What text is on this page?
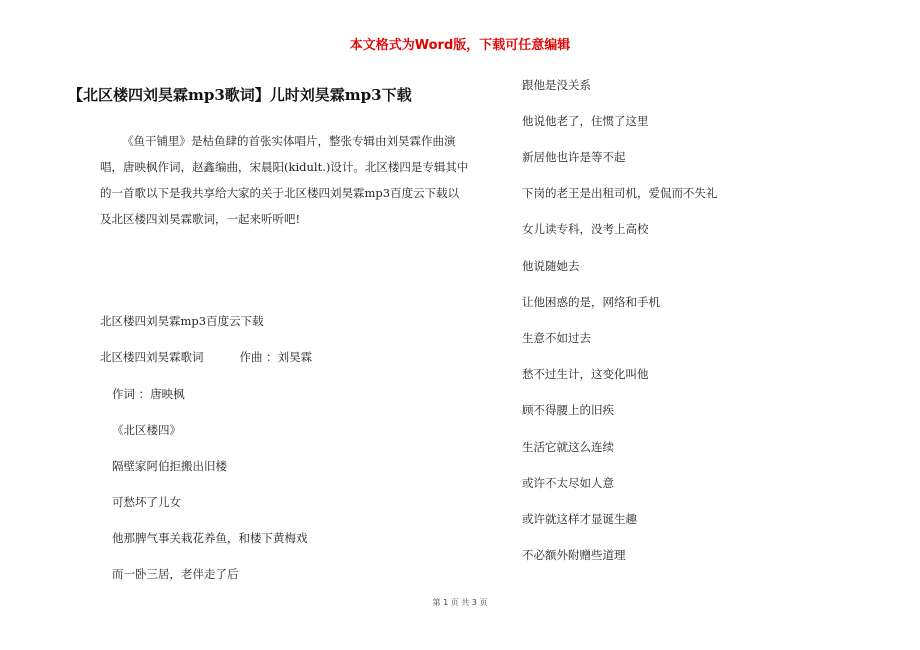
本文格式为Word版，下载可任意编辑
【北区楼四刘昊霖mp3歌词】儿时刘昊霖mp3下载

《鱼干铺里》是枯鱼肆的首张实体唱片，整张专辑由刘昊霖作曲演唱，唐映枫作词，赵鑫编曲，宋晨阳(kidult.)设计。北区楼四是专辑其中的一首歌以下是我共享给大家的关于北区楼四刘昊霖mp3百度云下载以及北区楼四刘昊霖歌词，一起来听听吧!

北区楼四刘昊霖mp3百度云下载
北区楼四刘昊霖歌词	作曲 ：刘昊霖
作词 ：唐映枫
《北区楼四》
隔壁家阿伯拒搬出旧楼
可愁坏了儿女
他那脾气事关栽花养鱼，和楼下黄梅戏
而一卧三居，老伴走了后
跟他是没关系
他说他老了，住惯了这里
新居他也许是等不起
下岗的老王是出租司机，爱侃而不失礼
女儿读专科，没考上高校
他说随她去
让他困惑的是，网络和手机
生意不如过去
愁不过生计，这变化叫他
顾不得腰上的旧疾
生活它就这么连续
或许不太尽如人意
或许就这样才显诞生趣
不必额外附赠些道理
第 1 页 共 3 页
